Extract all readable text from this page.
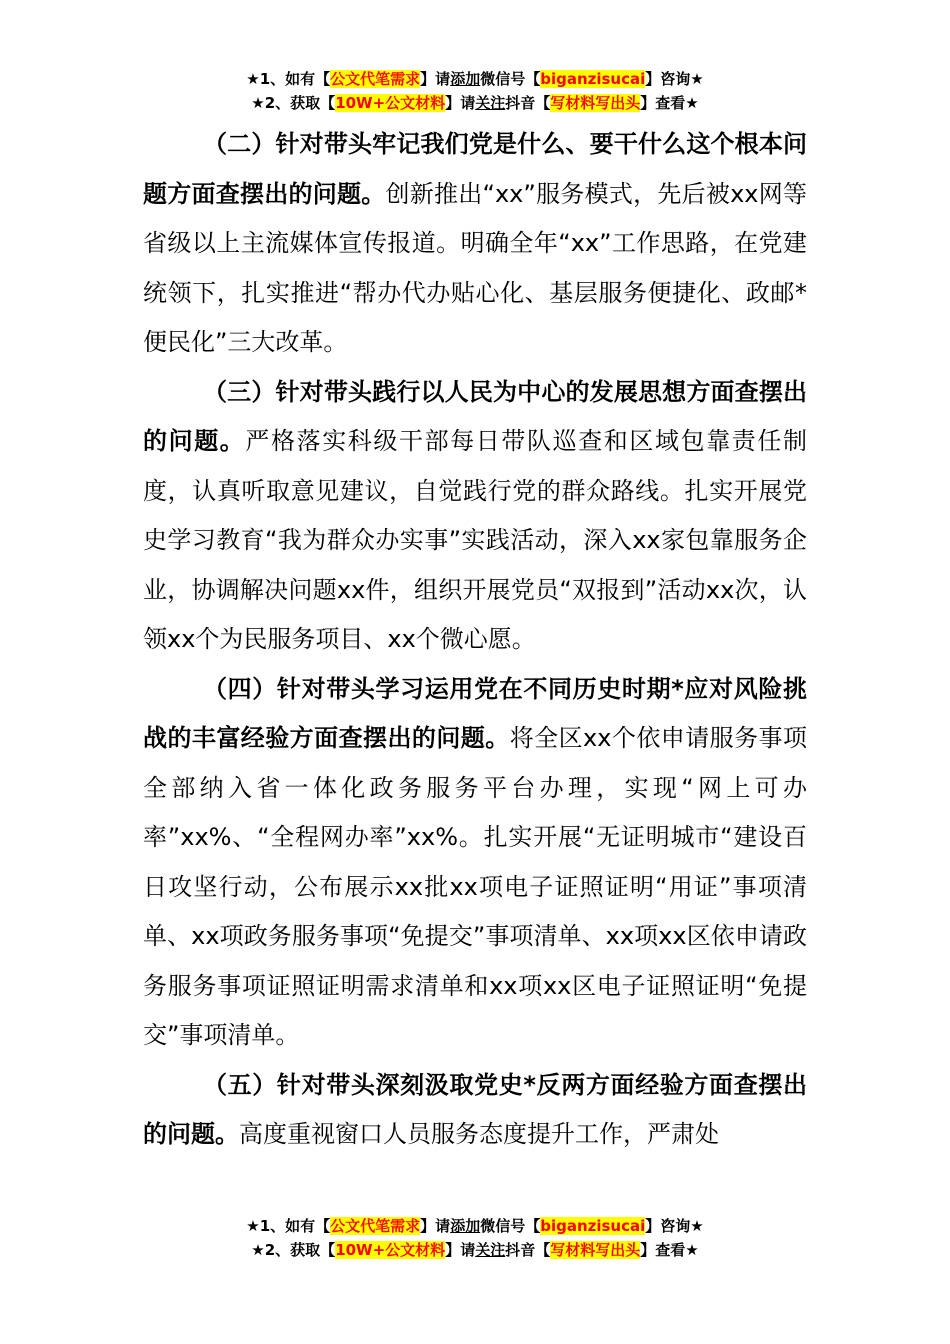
★1、如有【公文代笔需求】请添加微信号【biganzisucai】咨询★
★2、获取【10W+公文材料】请关注抖音【写材料写出头】查看★

（二）针对带头牢记我们党是什么、要干什么这个根本问题方面查摆出的问题。创新推出“xx”服务模式，先后被xx网等省级以上主流媒体宣传报道。明确全年“xx”工作思路，在党建统领下，扎实推进“帮办代办贴心化、基层服务便捷化、政邮*便民化”三大改革。

（三）针对带头践行以人民为中心的发展思想方面查摆出的问题。严格落实科级干部每日带队巡查和区域包靠责任制度，认真听取意见建议，自觉践行党的群众路线。扎实开展党史学习教育“我为群众办实事”实践活动，深入xx家包靠服务企业，协调解决问题xx件，组织开展党员“双报到”活动xx次，认领xx个为民服务项目、xx个微心愿。

（四）针对带头学习运用党在不同历史时期*应对风险挑战的丰富经验方面查摆出的问题。将全区xx个依申请服务事项全部纳入省一体化政务服务平台办理，实现“网上可办率”xx%、“全程网办率”xx%。扎实开展“无证明城市“建设百日攻坚行动，公布展示xx批xx项电子证照证明“用证”事项清单、xx项政务服务事项“免提交”事项清单、xx项xx区依申请政务服务事项证照证明需求清单和xx项xx区电子证照证明“免提交”事项清单。

（五）针对带头深刻汲取党史*反两方面经验方面查摆出的问题。高度重视窗口人员服务态度提升工作，严肃处

★1、如有【公文代笔需求】请添加微信号【biganzisucai】咨询★
★2、获取【10W+公文材料】请关注抖音【写材料写出头】查看★
